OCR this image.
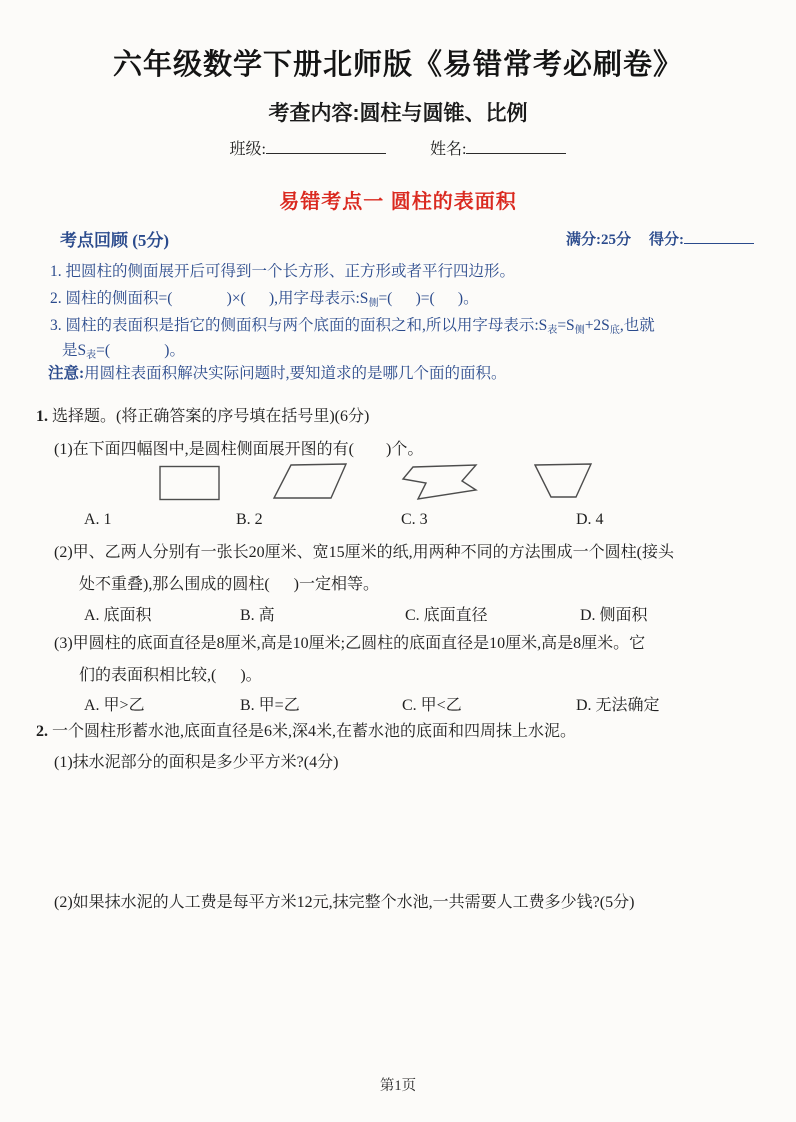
六年级数学下册北师版《易错常考必刷卷》
考查内容:圆柱与圆锥、比例
班级:	姓名:
易错考点一 圆柱的表面积
考点回顾 (5分)	满分:25分 得分:
1. 把圆柱的侧面展开后可得到一个长方形、正方形或者平行四边形。
2. 圆柱的侧面积=(              )×(      ),用字母表示$:S_侧=$(      )=(      )。
3. 圆柱的表面积是指它的侧面积与两个底面的面积之和,所以用字母表示$:S_表=S_侧+2S_底$,也就
是$S_表=$(              )。
注意:用圆柱表面积解决实际问题时,要知道求的是哪几个面的面积。
1. 选择题。(将正确答案的序号填在括号里)(6分)
(1)在下面四幅图中,是圆柱侧面展开图的有(        )个。
A. 1	B. 2	C. 3	D. 4
(2)甲、乙两人分别有一张长20厘米、宽15厘米的纸,用两种不同的方法围成一个圆柱(接头
处不重叠),那么围成的圆柱(      )一定相等。
A. 底面积	B. 高	C. 底面直径	D. 侧面积
(3)甲圆柱的底面直径是8厘米,高是10厘米;乙圆柱的底面直径是10厘米,高是8厘米。它
们的表面积相比较,(      )。
A. 甲>乙	B. 甲=乙	C. 甲<乙	D. 无法确定
2. 一个圆柱形蓄水池,底面直径是6米,深4米,在蓄水池的底面和四周抹上水泥。
(1)抹水泥部分的面积是多少平方米?(4分)
(2)如果抹水泥的人工费是每平方米12元,抹完整个水池,一共需要人工费多少钱?(5分)
第1页
